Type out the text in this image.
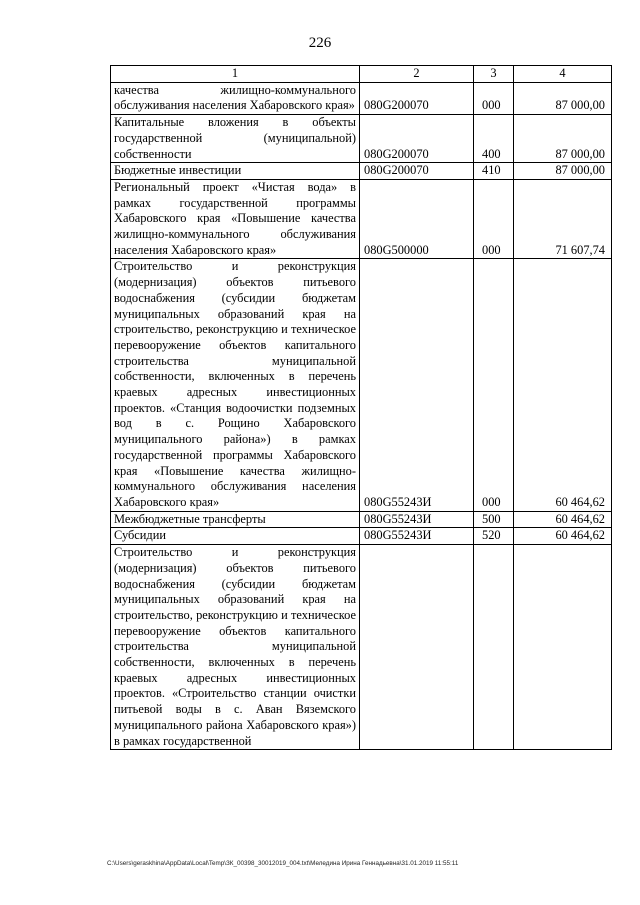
226
1	2	3	4
качества жилищно-коммунального обслуживания населения Хабаровского края»	080G200070	000	87 000,00
Капитальные вложения в объекты государственной (муниципальной) собственности	080G200070	400	87 000,00
Бюджетные инвестиции	080G200070	410	87 000,00
Региональный проект «Чистая вода» в рамках государственной программы Хабаровского края «Повышение качества жилищно-коммунального обслуживания населения Хабаровского края»	080G500000	000	71 607,74
Строительство и реконструкция (модернизация) объектов питьевого водоснабжения (субсидии бюджетам муниципальных образований края на строительство, реконструкцию и техническое перевооружение объектов капитального строительства муниципальной собственности, включенных в перечень краевых адресных инвестиционных проектов. «Станция водоочистки подземных вод в с. Рощино Хабаровского муниципального района») в рамках государственной программы Хабаровского края «Повышение качества жилищно-коммунального обслуживания населения Хабаровского края»	080G55243И	000	60 464,62
Межбюджетные трансферты	080G55243И	500	60 464,62
Субсидии	080G55243И	520	60 464,62
Строительство и реконструкция (модернизация) объектов питьевого водоснабжения (субсидии бюджетам муниципальных образований края на строительство, реконструкцию и техническое перевооружение объектов капитального строительства муниципальной собственности, включенных в перечень краевых адресных инвестиционных проектов. «Строительство станции очистки питьевой воды в с. Аван Вяземского муниципального района Хабаровского края») в рамках государственной			
C:\Users\geraskhina\AppData\Local\Temp\ЗК_00398_30012019_004.txt\Меледина Ирина Геннадьевна\31.01.2019 11:55:11
